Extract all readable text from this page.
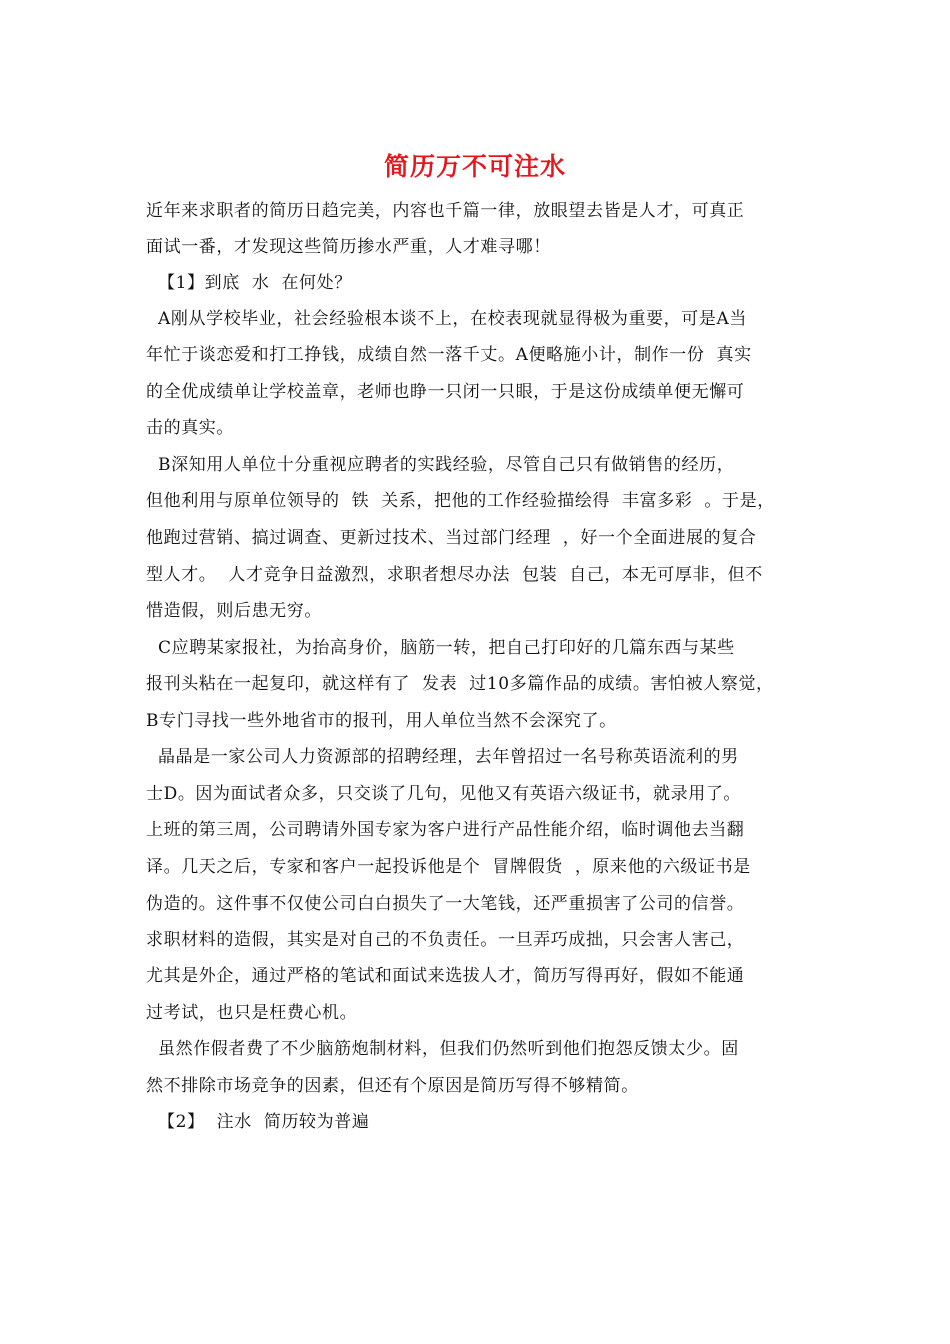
简历万不可注水
近年来求职者的简历日趋完美，内容也千篇一律，放眼望去皆是人才，可真正
面试一番，才发现这些简历掺水严重，人才难寻哪！
【1】到底  水  在何处？
A刚从学校毕业，社会经验根本谈不上，在校表现就显得极为重要，可是A当
年忙于谈恋爱和打工挣钱，成绩自然一落千丈。A便略施小计，制作一份  真实
的全优成绩单让学校盖章，老师也睁一只闭一只眼，于是这份成绩单便无懈可
击的真实。
B深知用人单位十分重视应聘者的实践经验，尽管自己只有做销售的经历，
但他利用与原单位领导的  铁  关系，把他的工作经验描绘得  丰富多彩  。于是，
他跑过营销、搞过调查、更新过技术、当过部门经理  ，好一个全面进展的复合
型人才。  人才竞争日益激烈，求职者想尽办法  包装  自己，本无可厚非，但不
惜造假，则后患无穷。
C应聘某家报社，为抬高身价，脑筋一转，把自己打印好的几篇东西与某些
报刊头粘在一起复印，就这样有了  发表  过10多篇作品的成绩。害怕被人察觉，
B专门寻找一些外地省市的报刊，用人单位当然不会深究了。
晶晶是一家公司人力资源部的招聘经理，去年曾招过一名号称英语流利的男
士D。因为面试者众多，只交谈了几句，见他又有英语六级证书，就录用了。
上班的第三周，公司聘请外国专家为客户进行产品性能介绍，临时调他去当翻
译。几天之后，专家和客户一起投诉他是个  冒牌假货  ，原来他的六级证书是
伪造的。这件事不仅使公司白白损失了一大笔钱，还严重损害了公司的信誉。
求职材料的造假，其实是对自己的不负责任。一旦弄巧成拙，只会害人害己，
尤其是外企，通过严格的笔试和面试来选拔人才，简历写得再好，假如不能通
过考试，也只是枉费心机。
虽然作假者费了不少脑筋炮制材料，但我们仍然听到他们抱怨反馈太少。固
然不排除市场竞争的因素，但还有个原因是简历写得不够精简。
【2】  注水  简历较为普遍
